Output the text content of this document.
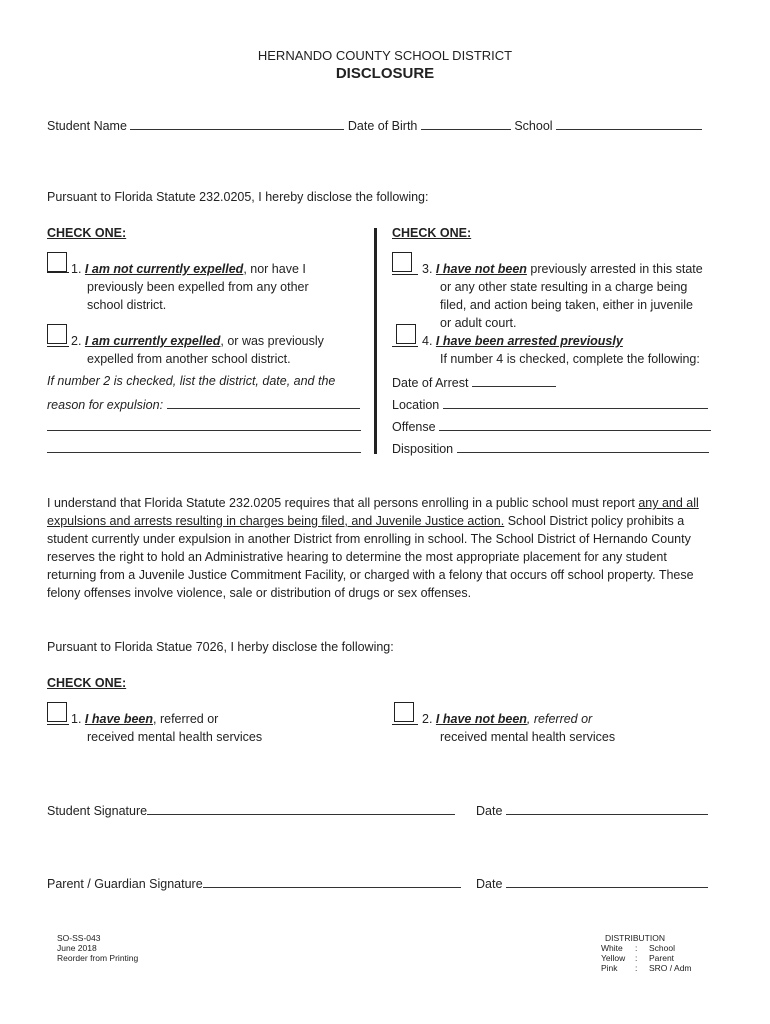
HERNANDO COUNTY SCHOOL DISTRICT
DISCLOSURE
Student Name	Date of Birth	School
Pursuant to Florida Statute 232.0205, I hereby disclose the following:
CHECK ONE:
1. I am not currently expelled, nor have I
previously been expelled from any other
school district.
2. I am currently expelled, or was previously
expelled from another school district.
If number 2 is checked, list the district, date, and the
reason for expulsion:
CHECK ONE:
3. I have not been previously arrested in this state
or any other state resulting in a charge being
filed, and action being taken, either in juvenile
or adult court.
4. I have been arrested previously
If number 4 is checked, complete the following:
Date of Arrest
Location
Offense
Disposition
I understand that Florida Statute 232.0205 requires that all persons enrolling in a public school must report any and all expulsions and arrests resulting in charges being filed, and Juvenile Justice action. School District policy prohibits a student currently under expulsion in another District from enrolling in school. The School District of Hernando County reserves the right to hold an Administrative hearing to determine the most appropriate placement for any student returning from a Juvenile Justice Commitment Facility, or charged with a felony that occurs off school property. These felony offenses involve violence, sale or distribution of drugs or sex offenses.
Pursuant to Florida Statue 7026, I herby disclose the following:
CHECK ONE:
1. I have been, referred or
received mental health services
2. I have not been, referred or
received mental health services
Student Signature	Date
Parent / Guardian Signature	Date
SO-SS-043
June 2018
Reorder from Printing
DISTRIBUTION
White : School
Yellow : Parent
Pink : SRO / Adm
